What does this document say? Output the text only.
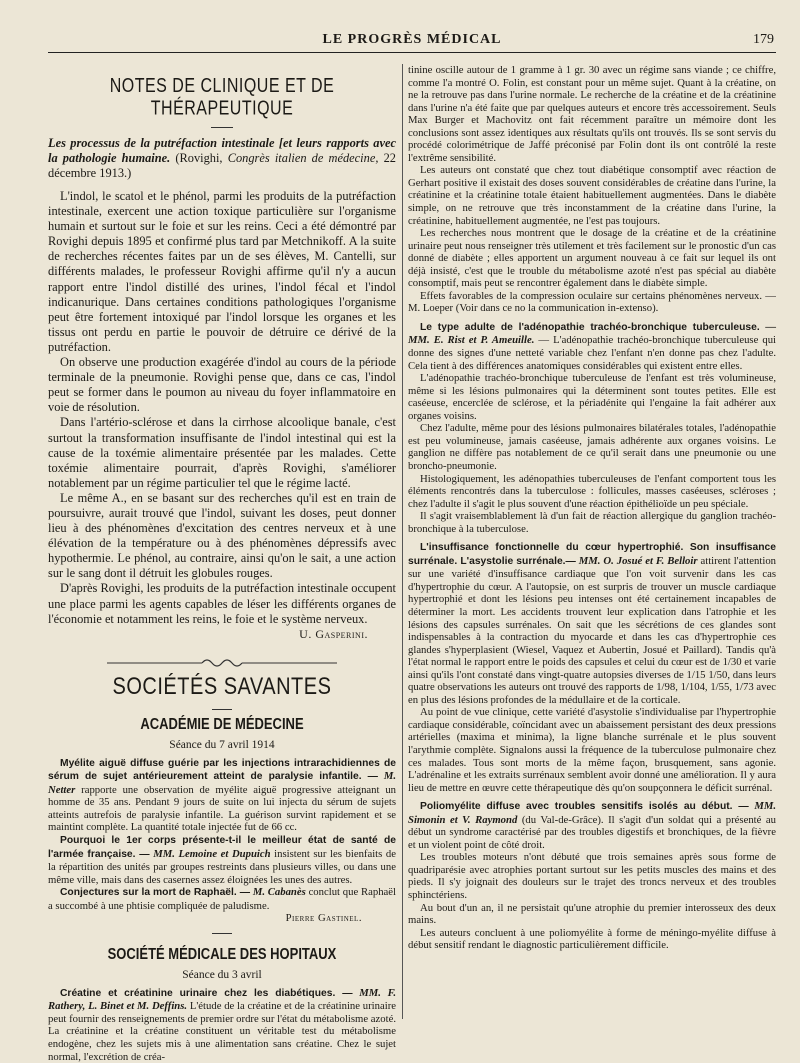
LE PROGRÈS MÉDICAL	179
NOTES DE CLINIQUE ET DE THÉRAPEUTIQUE
Les processus de la putréfaction intestinale [et leurs rapports avec la pathologie humaine. (Rovighi, Congrès italien de médecine, 22 décembre 1913.)

L'indol, le scatol et le phénol, parmi les produits de la putréfaction intestinale, exercent une action toxique particulière sur l'organisme humain et surtout sur le foie et sur les reins. Ceci a été démontré par Rovighi depuis 1895 et confirmé plus tard par Metchnikoff. A la suite de recherches récentes faites par un de ses élèves, M. Cantelli, sur différents malades, le professeur Rovighi affirme qu'il n'y a aucun rapport entre l'indol distillé des urines, l'indol fécal et l'indol indicanurique. Dans certaines conditions pathologiques l'organisme peut être fortement intoxiqué par l'indol lorsque les organes et les tissus ont perdu en partie le pouvoir de détruire ce dérivé de la putréfaction.

On observe une production exagérée d'indol au cours de la période terminale de la pneumonie. Rovighi pense que, dans ce cas, l'indol peut se former dans le poumon au niveau du foyer inflammatoire en voie de résolution.

Dans l'artério-sclérose et dans la cirrhose alcoolique banale, c'est surtout la transformation insuffisante de l'indol intestinal qui est la cause de la toxémie alimentaire présentée par les malades. Cette toxémie alimentaire pourrait, d'après Rovighi, s'améliorer notablement par un régime particulier tel que le régime lacté.

Le même A., en se basant sur des recherches qu'il est en train de poursuivre, aurait trouvé que l'indol, suivant les doses, peut donner lieu à des phénomènes d'excitation des centres nerveux et à une élévation de la température ou à des phénomènes dépressifs avec hypothermie. Le phénol, au contraire, ainsi qu'on le sait, a une action sur le sang dont il détruit les globules rouges.

D'après Rovighi, les produits de la putréfaction intestinale occupent une place parmi les agents capables de léser les différents organes de l'économie et notamment les reins, le foie et le système nerveux.

U. Gasperini.
SOCIÉTÉS SAVANTES
ACADÉMIE DE MÉDECINE
Séance du 7 avril 1914

Myélite aiguë diffuse guérie par les injections intrarachidiennes de sérum de sujet antérieurement atteint de paralysie infantile. — M. Netter rapporte une observation de myélite aiguë progressive atteignant un homme de 35 ans. Pendant 9 jours de suite on lui injecta du sérum de sujets atteints autrefois de paralysie infantile. La guérison survint rapidement et se maintint complète. La quantité totale injectée fut de 66 cc.

Pourquoi le 1er corps présente-t-il le meilleur état de santé de l'armée française. — MM. Lemoine et Dupuich insistent sur les bienfaits de la répartition des unités par groupes restreints dans plusieurs villes, ou dans une même ville, mais dans des casernes assez éloignées les unes des autres.

Conjectures sur la mort de Raphaël. — M. Cabanès conclut que Raphaël a succombé à une phtisie compliquée de paludisme.

Pierre Gastinel.
SOCIÉTÉ MÉDICALE DES HOPITAUX
Séance du 3 avril

Créatine et créatinine urinaire chez les diabétiques. — MM. F. Rathery, L. Binet et M. Deffins. L'étude de la créatine et de la créatinine urinaire peut fournir des renseignements de premier ordre sur l'état du métabolisme azoté. La créatinine et la créatine constituent un véritable test du métabolisme endogène, chez les sujets mis à une alimentation sans créatine. Chez le sujet normal, l'excrétion de créa-

tinine oscille autour de 1 gramme à 1 gr. 30 avec un régime sans viande ; ce chiffre, comme l'a montré O. Folin, est constant pour un même sujet. Quant à la créatine, on ne la retrouve pas dans l'urine normale. Le recherche de la créatine et de la créatinine dans l'urine n'a été faite que par quelques auteurs et encore très accessoirement. Seuls Max Burger et Machovitz ont fait récemment paraître un mémoire dont les conclusions sont assez identiques aux résultats qu'ils ont trouvés. Ils se sont servis du procédé colorimétrique de Jaffé préconisé par Folin dont ils ont contrôlé la reste l'extrême sensibilité.

Les auteurs ont constaté que chez tout diabétique consomptif avec réaction de Gerhart positive il existait des doses souvent considérables de créatine dans l'urine, la créatinine et la créatinine totale étaient habituellement augmentées. Dans le diabète simple, on ne retrouve que très inconstamment de la créatine dans l'urine, la créatinine, habituellement augmentée, ne l'est pas toujours.

Les recherches nous montrent que le dosage de la créatine et de la créatinine urinaire peut nous renseigner très utilement et très facilement sur le pronostic d'un cas donné de diabète ; elles apportent un argument nouveau à ce fait sur lequel ils ont déjà insisté, c'est que le trouble du métabolisme azoté n'est pas spécial au diabète consomptif, mais peut se rencontrer également dans le diabète simple.

Effets favorables de la compression oculaire sur certains phénomènes nerveux. — M. Loeper (Voir dans ce no la communication in-extenso).

Le type adulte de l'adénopathie trachéo-bronchique tuberculeuse. — MM. E. Rist et P. Ameuille. — L'adénopathie trachéo-bronchique tuberculeuse qui donne des signes d'une netteté variable chez l'enfant n'en donne pas chez l'adulte. Cela tient à des différences anatomiques considérables qui existent entre elles.

L'adénopathie trachéo-bronchique tuberculeuse de l'enfant est très volumineuse, même si les lésions pulmonaires qui la déterminent sont toutes petites. Elle est caséeuse, encerclée de sclérose, et la périadénite qui l'engaine la fait adhérer aux organes voisins.

Chez l'adulte, même pour des lésions pulmonaires bilatérales totales, l'adénopathie est peu volumineuse, jamais caséeuse, jamais adhérente aux organes voisins. Le ganglion ne diffère pas notablement de ce qu'il serait dans une pneumonie ou une broncho-pneumonie.

Histologiquement, les adénopathies tuberculeuses de l'enfant comportent tous les éléments rencontrés dans la tuberculose : follicules, masses caséeuses, scléroses ; chez l'adulte il s'agit le plus souvent d'une réaction épithélioïde un peu spéciale.

Il s'agit vraisemblablement là d'un fait de réaction allergique du ganglion trachéo-bronchique à la tuberculose.

L'insuffisance fonctionnelle du cœur hypertrophié. Son insuffisance surrénale. L'asystolie surrénale.— MM. O. Josué et F. Belloir attirent l'attention sur une variété d'insuffisance cardiaque que l'on voit survenir dans les cas d'hypertrophie du cœur. A l'autopsie, on est surpris de trouver un muscle cardiaque hypertrophié et dont les lésions peu intenses ont été certainement incapables de déterminer la mort. Les accidents trouvent leur explication dans l'atrophie et les lésions des capsules surrénales. On sait que les sécrétions de ces glandes sont indispensables à la contraction du myocarde et dans les cas d'hypertrophie ces glandes s'hyperplasient (Wiesel, Vaquez et Aubertin, Josué et Paillard). Tandis qu'à l'état normal le rapport entre le poids des capsules et celui du cœur est de 1/30 et varie ainsi qu'ils l'ont constaté dans vingt-quatre autopsies diverses de 1/15 1/50, dans leurs quatre observations les auteurs ont trouvé des rapports de 1/98, 1/104, 1/55, 1/73 avec en plus des lésions profondes de la médullaire et de la corticale.

Au point de vue clinique, cette variété d'asystolie s'individualise par l'hypertrophie cardiaque considérable, coïncidant avec un abaissement persistant des deux pressions artérielles (maxima et minima), la ligne blanche surrénale et le plus souvent l'arythmie complète. Signalons aussi la fréquence de la tuberculose pulmonaire chez ces malades. Tous sont morts de la même façon, brusquement, sans agonie. L'adrénaline et les extraits surrénaux semblent avoir donné une amélioration. Il y aura lieu de mettre en œuvre cette thérapeutique dès qu'on soupçonnera le déficit surrénal.

Poliomyélite diffuse avec troubles sensitifs isolés au début. — MM. Simonin et V. Raymond (du Val-de-Grâce). Il s'agit d'un soldat qui a présenté au début un syndrome caractérisé par des troubles digestifs et bronchiques, de la fièvre et un violent point de côté droit.

Les troubles moteurs n'ont débuté que trois semaines après sous forme de quadriparésie avec atrophies portant surtout sur les petits muscles des mains et des pieds. Il s'y joignait des douleurs sur le trajet des troncs nerveux et des troubles sphinctériens.

Au bout d'un an, il ne persistait qu'une atrophie du premier interosseux des deux mains.

Les auteurs concluent à une poliomyélite à forme de méningo-myélite diffuse à début sensitif rendant le diagnostic particulièrement difficile.
